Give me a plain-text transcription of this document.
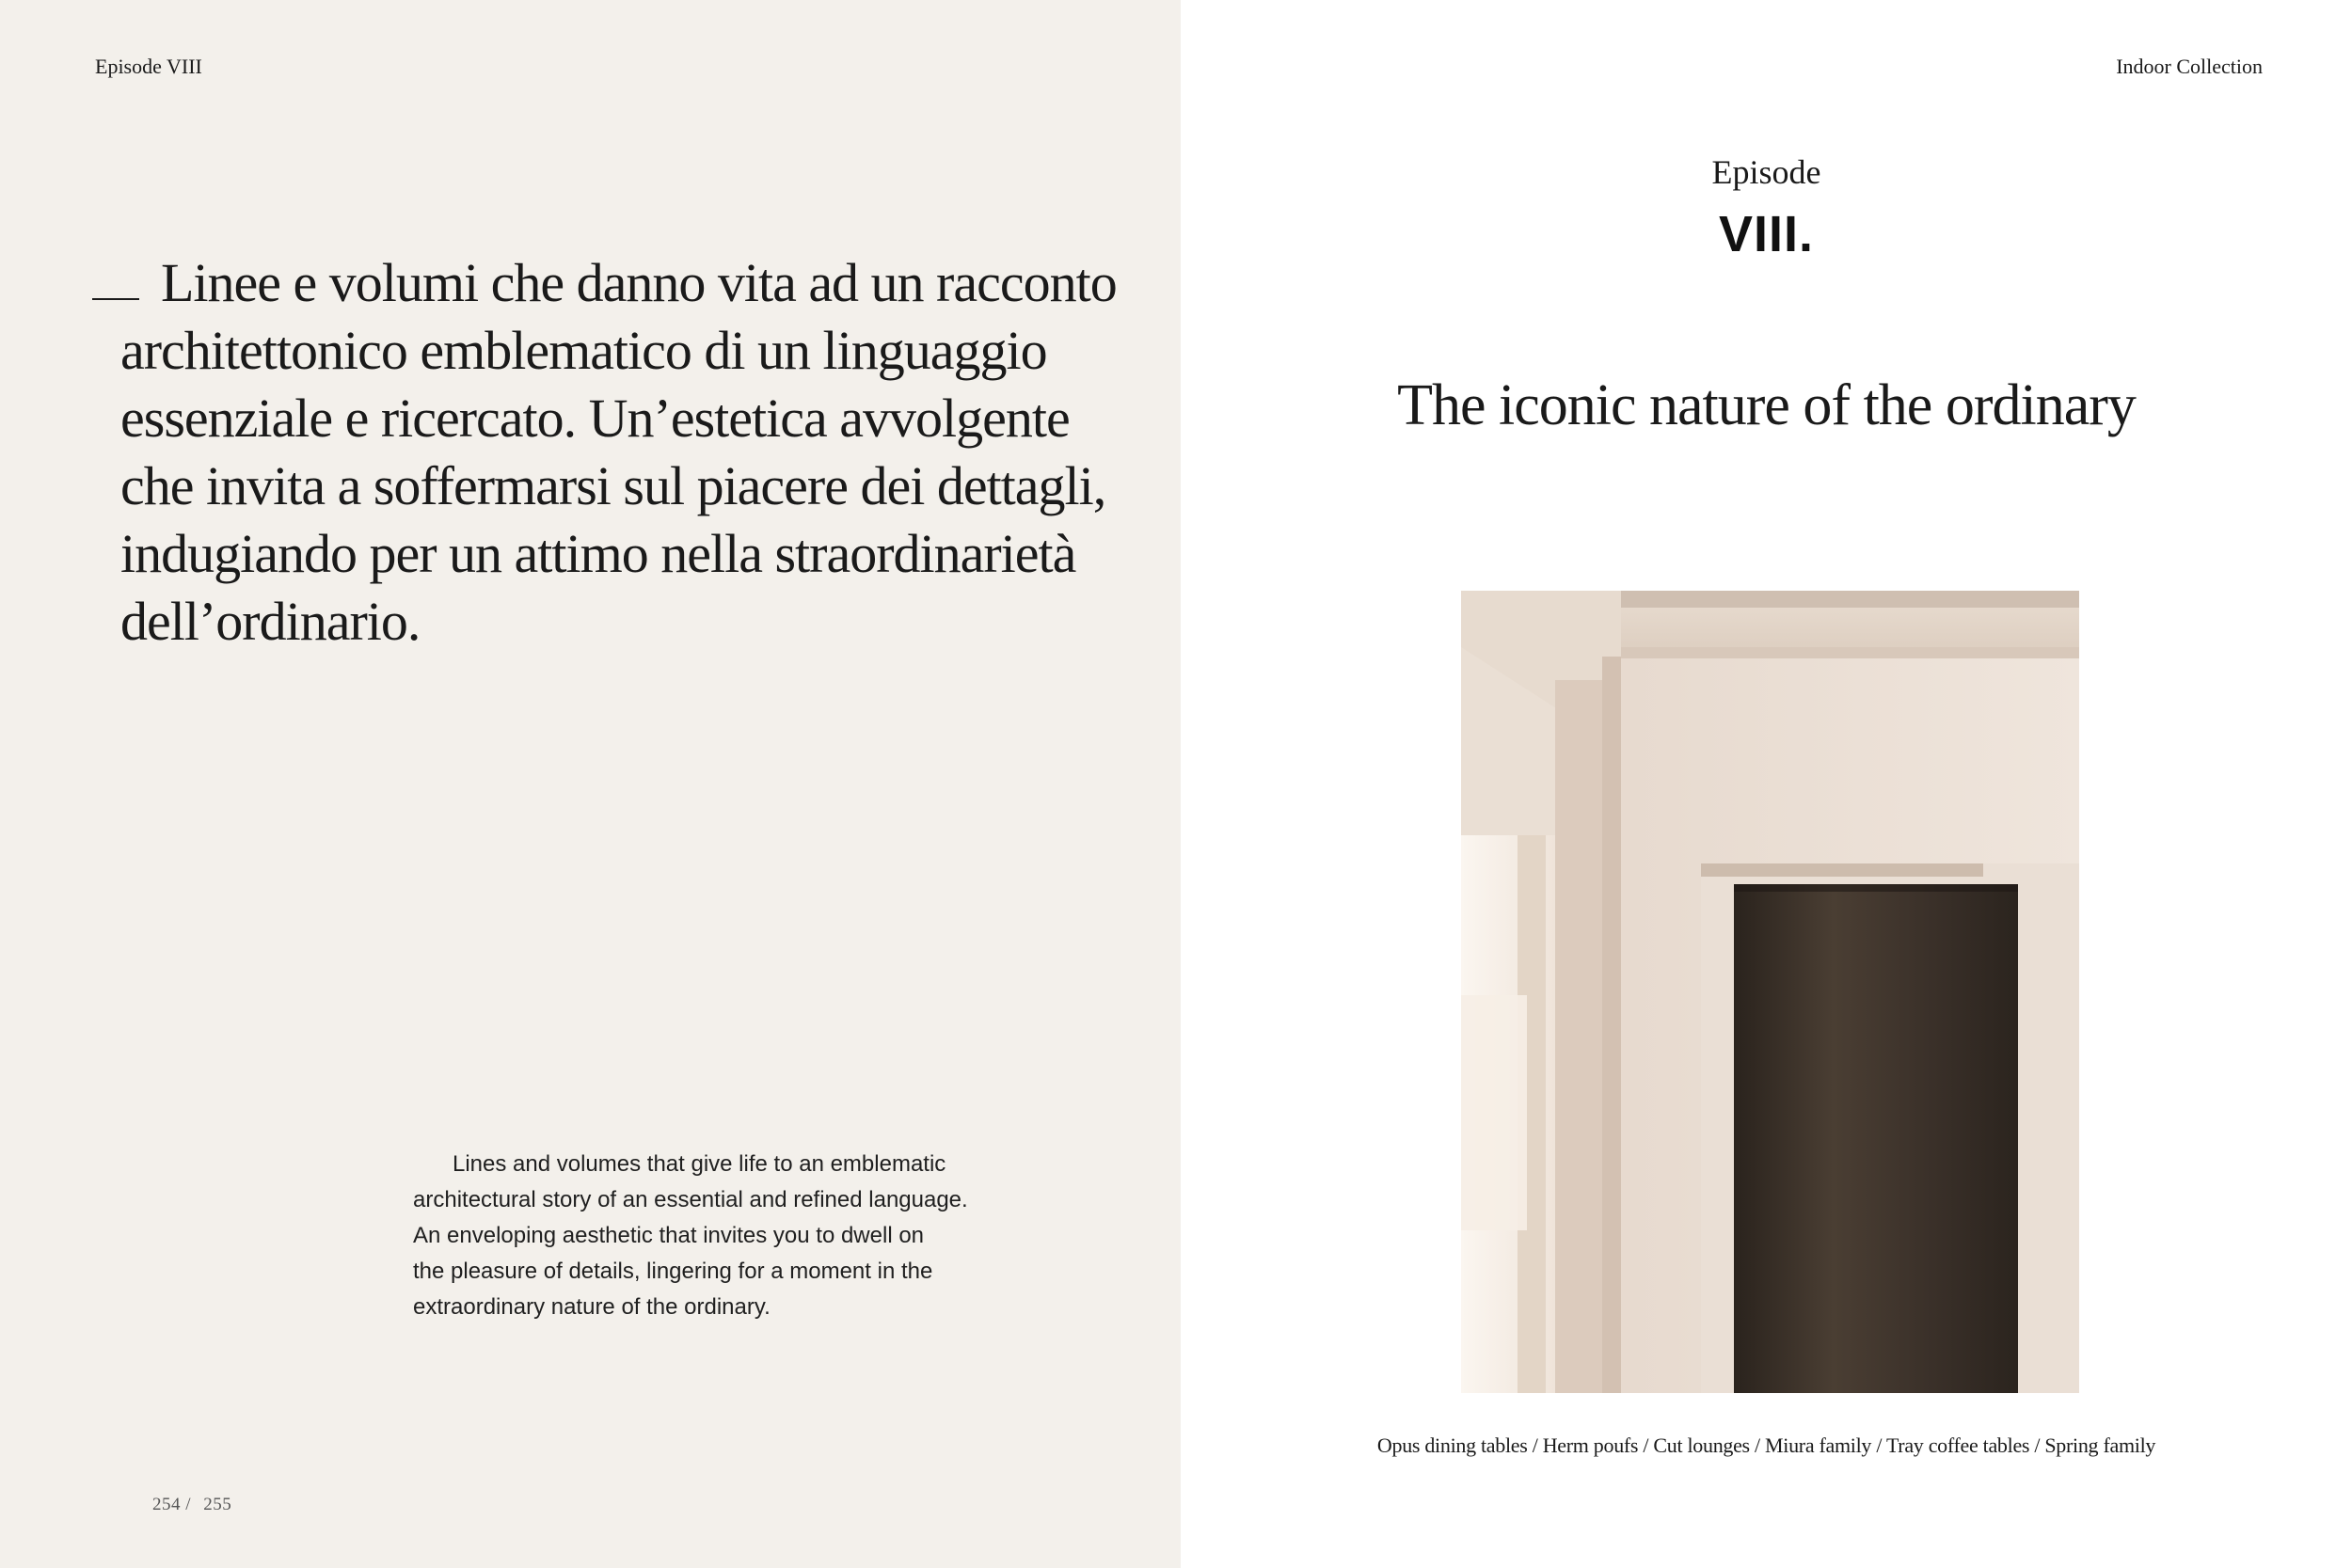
Episode VIII

Linee e volumi che danno vita ad un racconto
architettonico emblematico di un linguaggio
essenziale e ricercato. Un’estetica avvolgente
che invita a soffermarsi sul piacere dei dettagli,
indugiando per un attimo nella straordinarietà
dell’ordinario.

Lines and volumes that give life to an emblematic
architectural story of an essential and refined language.
An enveloping aesthetic that invites you to dwell on
the pleasure of details, lingering for a moment in the
extraordinary nature of the ordinary.
254 / 255
Indoor Collection
Episode
VIII.
The iconic nature of the ordinary
Opus dining tables / Herm poufs / Cut lounges / Miura family / Tray coffee tables / Spring family
